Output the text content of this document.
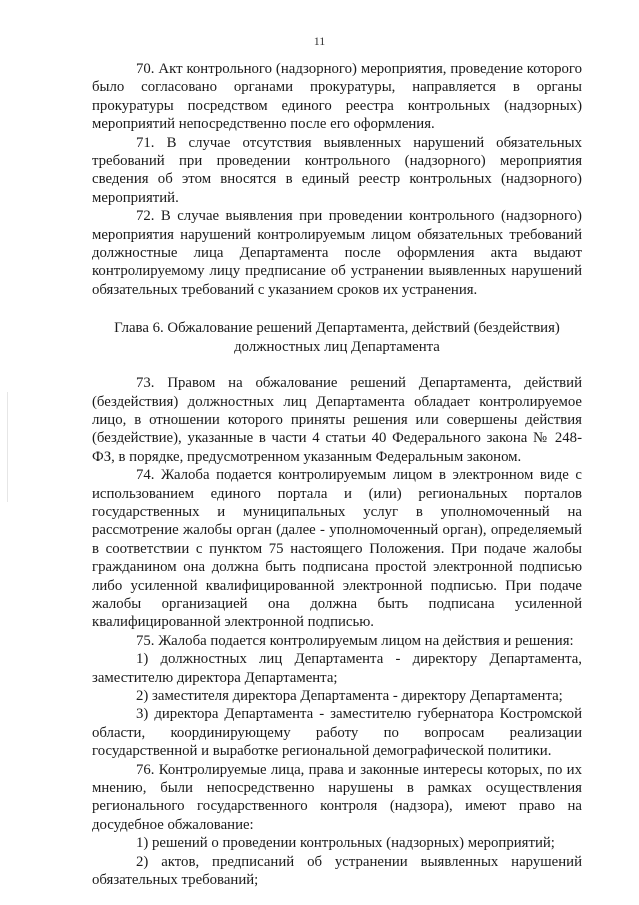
11

70. Акт контрольного (надзорного) мероприятия, проведение которого было согласовано органами прокуратуры, направляется в органы прокуратуры посредством единого реестра контрольных (надзорных) мероприятий непосредственно после его оформления.

71. В случае отсутствия выявленных нарушений обязательных требований при проведении контрольного (надзорного) мероприятия сведения об этом вносятся в единый реестр контрольных (надзорного) мероприятий.

72. В случае выявления при проведении контрольного (надзорного) мероприятия нарушений контролируемым лицом обязательных требований должностные лица Департамента после оформления акта выдают контролируемому лицу предписание об устранении выявленных нарушений обязательных требований с указанием сроков их устранения.

Глава 6. Обжалование решений Департамента, действий (бездействия)
должностных лиц Департамента

73. Правом на обжалование решений Департамента, действий (бездействия) должностных лиц Департамента обладает контролируемое лицо, в отношении которого приняты решения или совершены действия (бездействие), указанные в части 4 статьи 40 Федерального закона № 248-ФЗ, в порядке, предусмотренном указанным Федеральным законом.

74. Жалоба подается контролируемым лицом в электронном виде с использованием единого портала и (или) региональных порталов государственных и муниципальных услуг в уполномоченный на рассмотрение жалобы орган (далее - уполномоченный орган), определяемый в соответствии с пунктом 75 настоящего Положения. При подаче жалобы гражданином она должна быть подписана простой электронной подписью либо усиленной квалифицированной электронной подписью. При подаче жалобы организацией она должна быть подписана усиленной квалифицированной электронной подписью.

75. Жалоба подается контролируемым лицом на действия и решения:

1) должностных лиц Департамента - директору Департамента, заместителю директора Департамента;

2) заместителя директора Департамента - директору Департамента;

3) директора Департамента - заместителю губернатора Костромской области, координирующему работу по вопросам реализации государственной и выработке региональной демографической политики.

76. Контролируемые лица, права и законные интересы которых, по их мнению, были непосредственно нарушены в рамках осуществления регионального государственного контроля (надзора), имеют право на досудебное обжалование:

1) решений о проведении контрольных (надзорных) мероприятий;

2) актов, предписаний об устранении выявленных нарушений обязательных требований;
